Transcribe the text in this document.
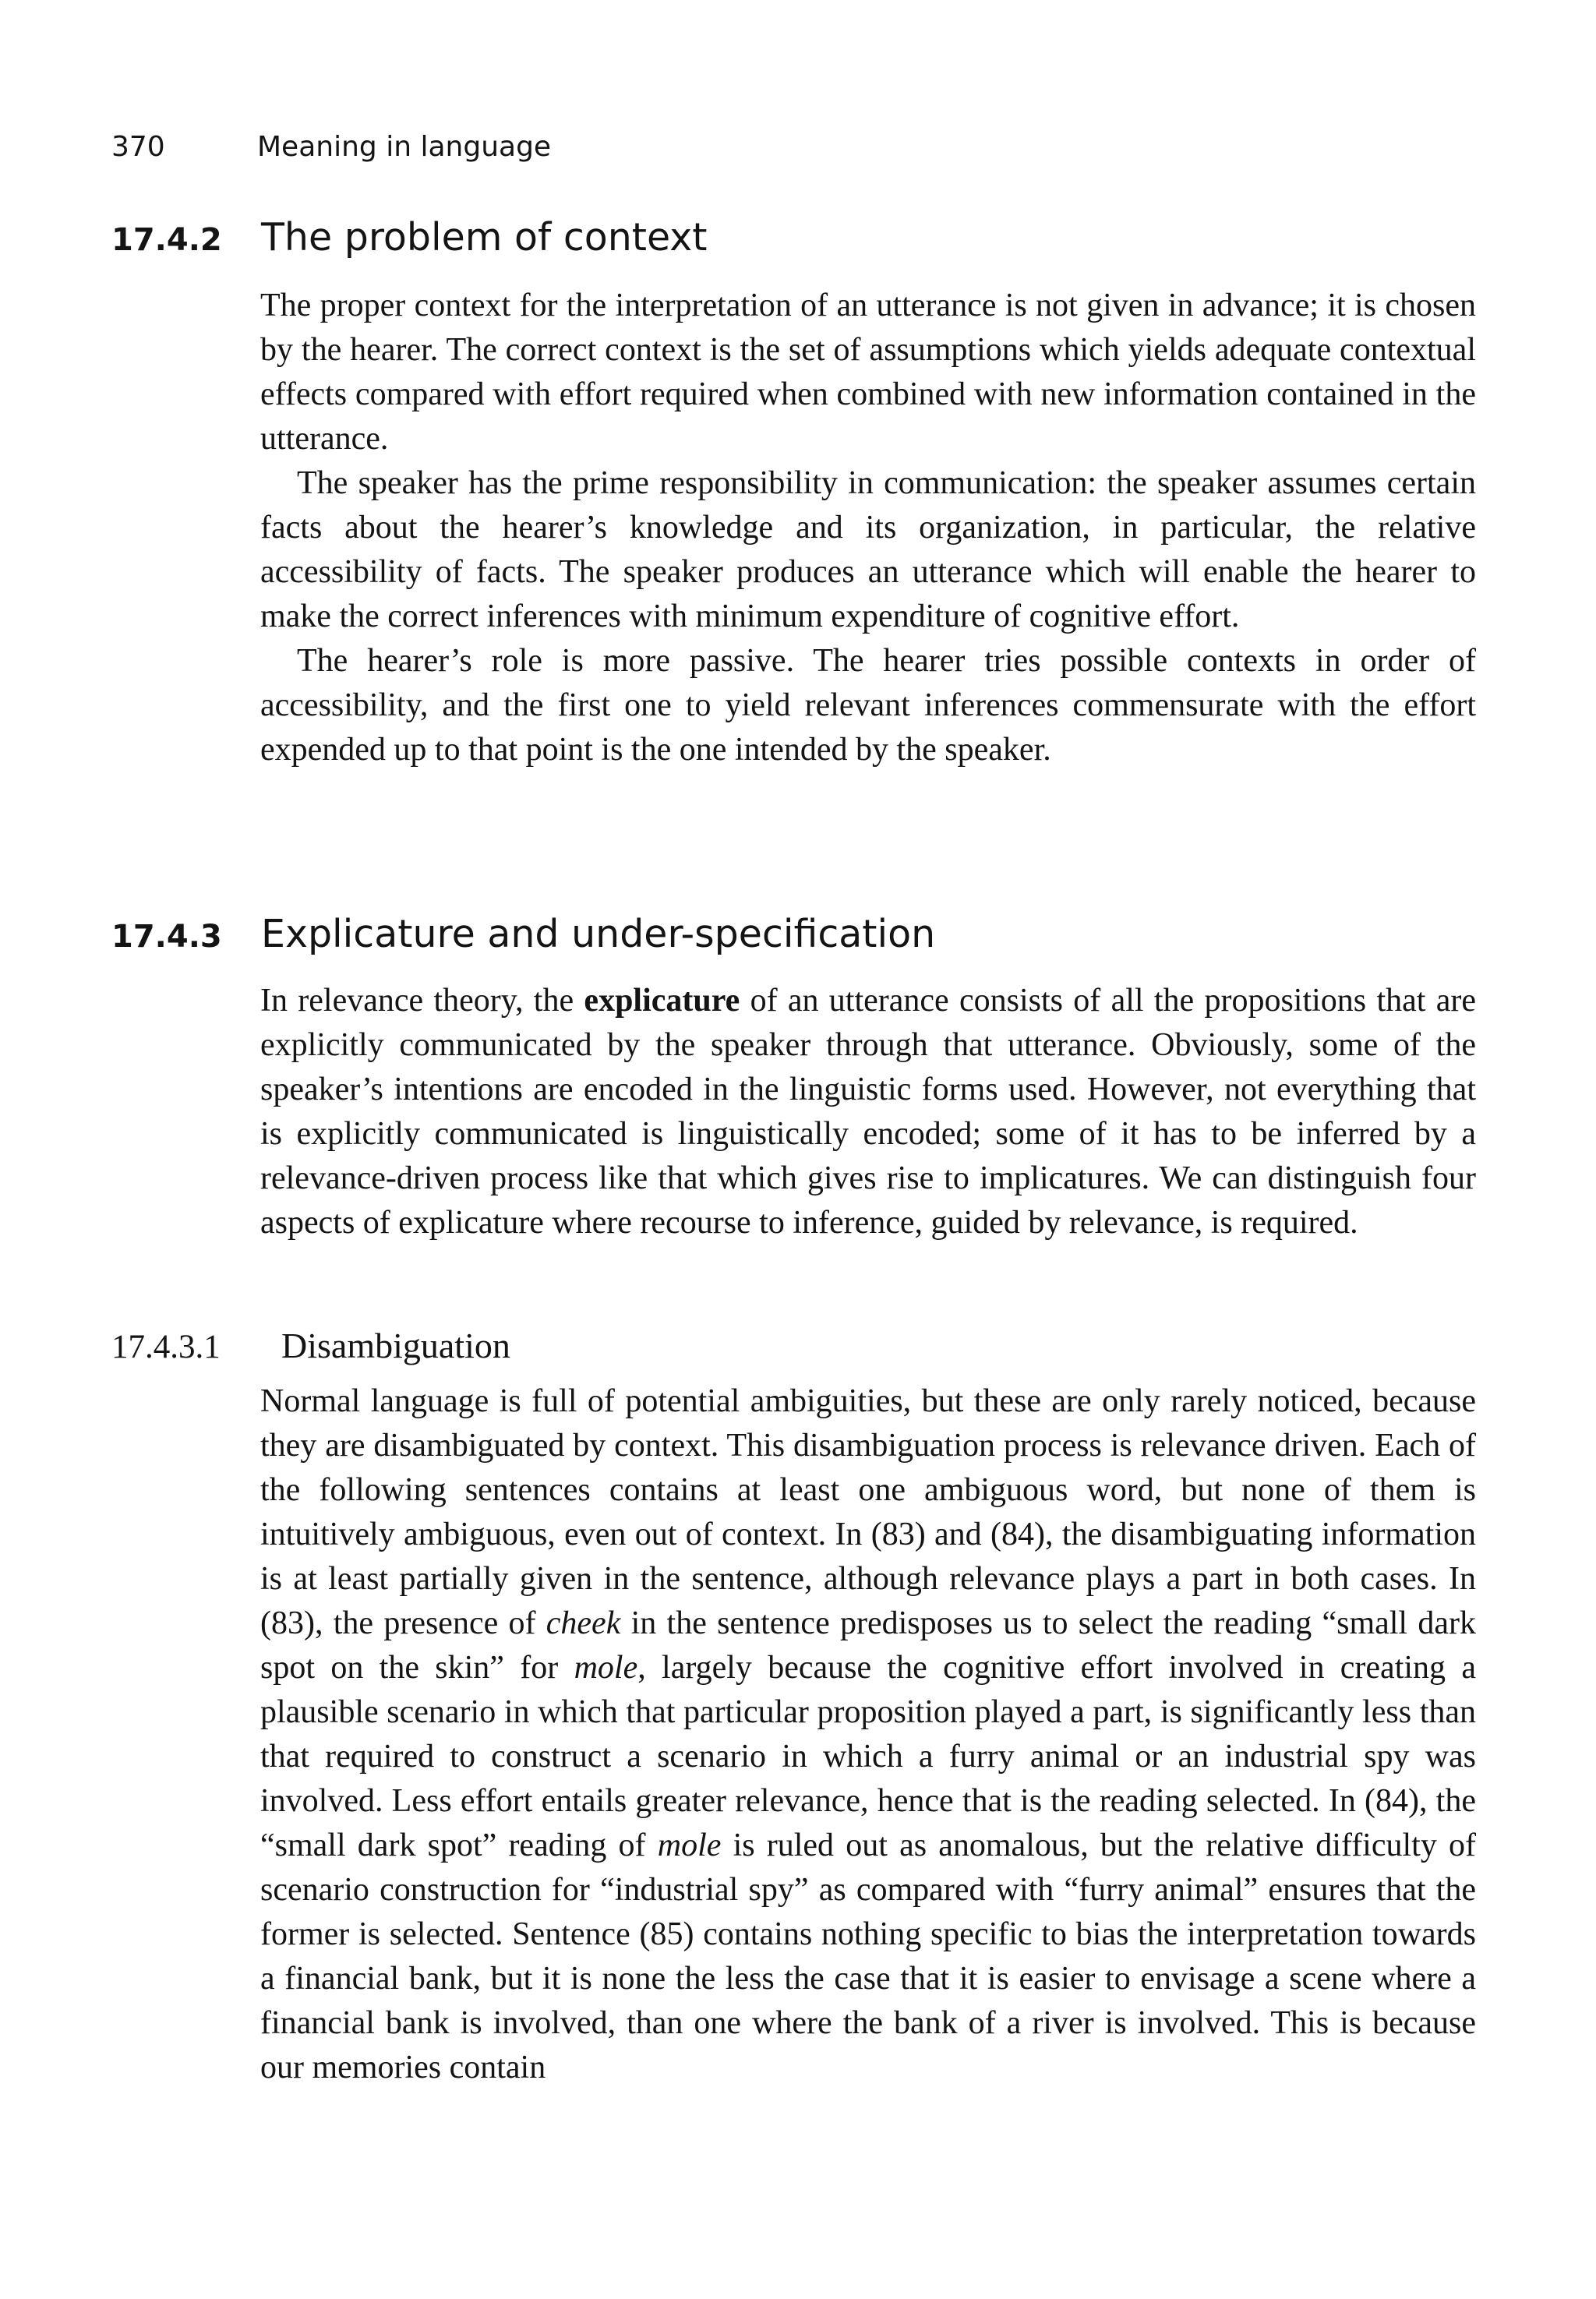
370	Meaning in language
17.4.2 The problem of context

The proper context for the interpretation of an utterance is not given in advance; it is chosen by the hearer. The correct context is the set of assumptions which yields adequate contextual effects compared with effort required when combined with new information contained in the utterance.

The speaker has the prime responsibility in communication: the speaker assumes certain facts about the hearer’s knowledge and its organization, in particular, the relative accessibility of facts. The speaker produces an utterance which will enable the hearer to make the correct inferences with minimum expenditure of cognitive effort.

The hearer’s role is more passive. The hearer tries possible contexts in order of accessibility, and the first one to yield relevant inferences commensurate with the effort expended up to that point is the one intended by the speaker.

17.4.3 Explicature and under-specification

In relevance theory, the explicature of an utterance consists of all the propositions that are explicitly communicated by the speaker through that utterance. Obviously, some of the speaker’s intentions are encoded in the linguistic forms used. However, not everything that is explicitly communicated is linguistically encoded; some of it has to be inferred by a relevance-driven process like that which gives rise to implicatures. We can distinguish four aspects of explicature where recourse to inference, guided by relevance, is required.

17.4.3.1 Disambiguation

Normal language is full of potential ambiguities, but these are only rarely noticed, because they are disambiguated by context. This disambiguation process is relevance driven. Each of the following sentences contains at least one ambiguous word, but none of them is intuitively ambiguous, even out of context. In (83) and (84), the disambiguating information is at least partially given in the sentence, although relevance plays a part in both cases. In (83), the presence of cheek in the sentence predisposes us to select the reading “small dark spot on the skin” for mole, largely because the cognitive effort involved in creating a plausible scenario in which that particular proposition played a part, is significantly less than that required to construct a scenario in which a furry animal or an industrial spy was involved. Less effort entails greater relevance, hence that is the reading selected. In (84), the “small dark spot” reading of mole is ruled out as anomalous, but the relative difficulty of scenario construction for “industrial spy” as compared with “furry animal” ensures that the former is selected. Sentence (85) contains nothing specific to bias the interpretation towards a financial bank, but it is none the less the case that it is easier to envisage a scene where a financial bank is involved, than one where the bank of a river is involved. This is because our memories contain
